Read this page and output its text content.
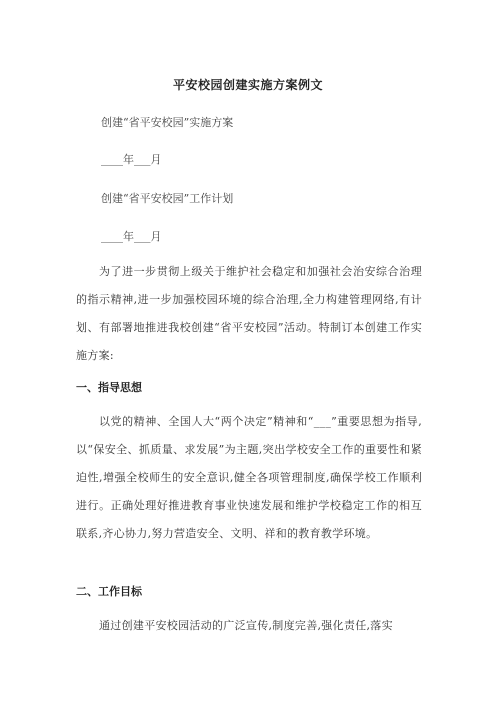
平安校园创建实施方案例文
创建“省平安校园”实施方案
____年___月
创建“省平安校园”工作计划
____年___月
为了进一步贯彻上级关于维护社会稳定和加强社会治安综合治理的指示精神,进一步加强校园环境的综合治理,全力构建管理网络,有计划、有部署地推进我校创建“省平安校园”活动。特制订本创建工作实施方案:
一、指导思想
以党的精神、全国人大“两个决定”精神和“___”重要思想为指导,以“保安全、抓质量、求发展”为主题,突出学校安全工作的重要性和紧迫性,增强全校师生的安全意识,健全各项管理制度,确保学校工作顺利进行。正确处理好推进教育事业快速发展和维护学校稳定工作的相互联系,齐心协力,努力营造安全、文明、祥和的教育教学环境。
二、工作目标
通过创建平安校园活动的广泛宣传,制度完善,强化责任,落实
